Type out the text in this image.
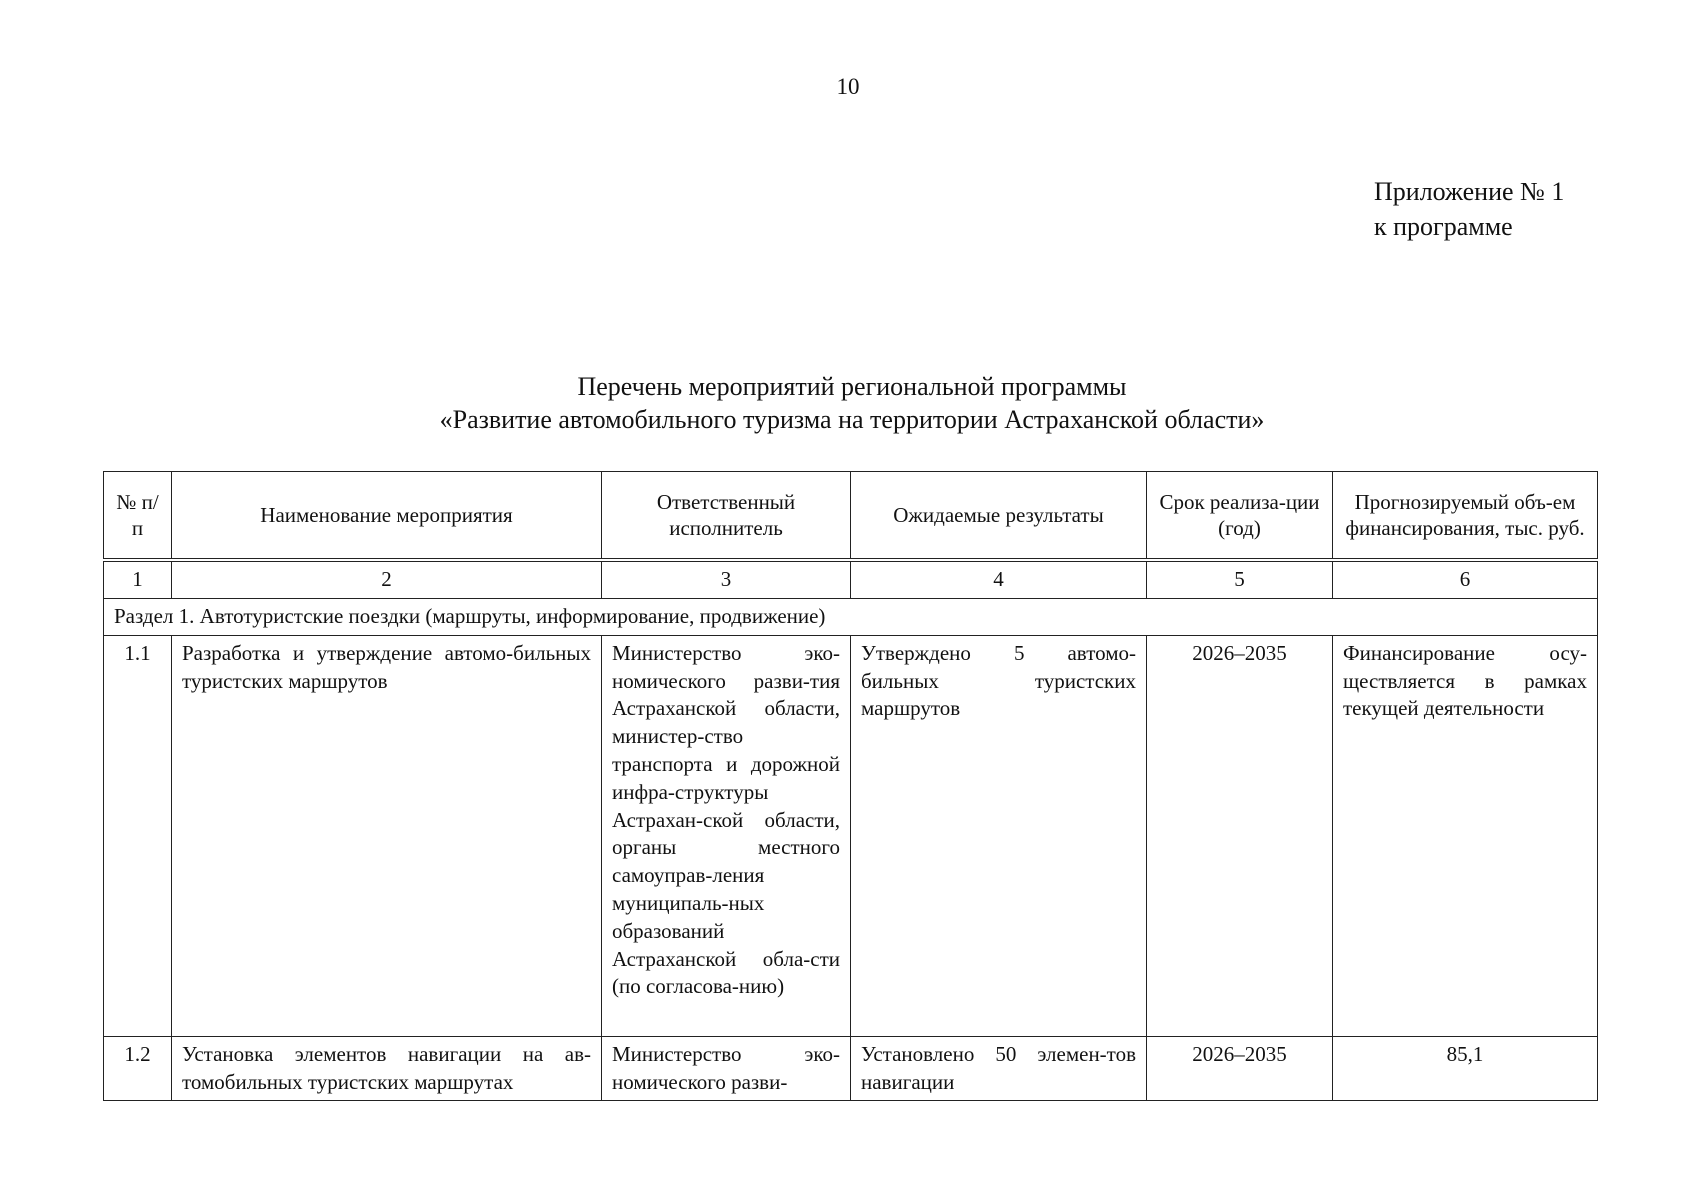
10
Приложение № 1
к программе
Перечень мероприятий региональной программы
«Развитие автомобильного туризма на территории Астраханской области»
№ п/п	Наименование мероприятия	Ответственный исполнитель	Ожидаемые результаты	Срок реализа-ции (год)	Прогнозируемый объ-ем финансирования, тыс. руб.
1	2	3	4	5	6
Раздел 1. Автотуристские поездки (маршруты, информирование, продвижение)					
1.1	Разработка и утверждение автомо-бильных туристских маршрутов	Министерство эко-номического разви-тия Астраханской области, министер-ство транспорта и дорожной инфра-структуры Астрахан-ской области, органы местного самоуправ-ления муниципаль-ных образований Астраханской обла-сти (по согласова-нию)	Утверждено 5 автомо-бильных туристских маршрутов	2026–2035	Финансирование осу-ществляется в рамках текущей деятельности
1.2	Установка элементов навигации на ав-томобильных туристских маршрутах	Министерство эко-номического разви-	Установлено 50 элемен-тов навигации	2026–2035	85,1
